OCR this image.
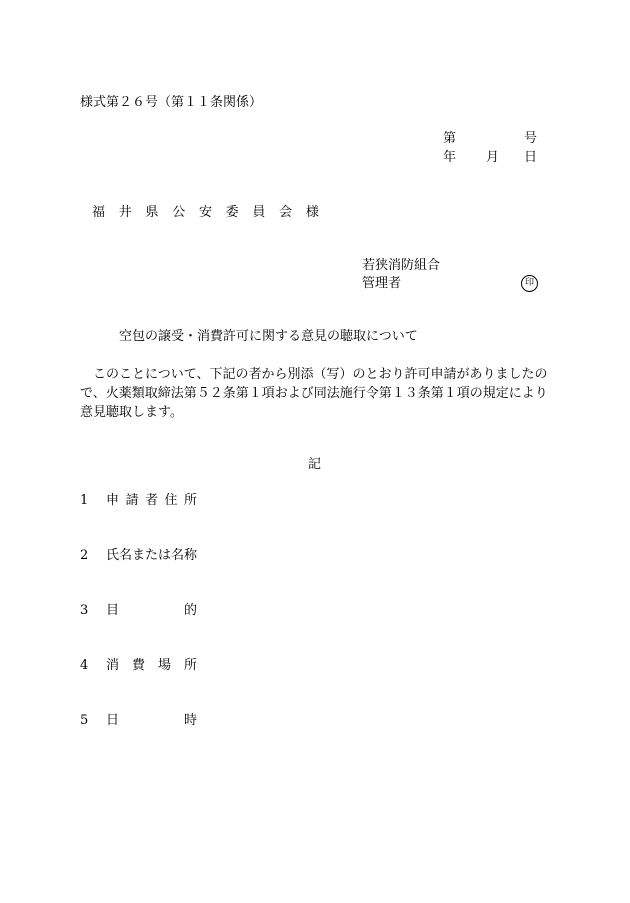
様式第２６号（第１１条関係）
第	号
年 月 日
福 井 県 公 安 委 員 会 様
若狭消防組合
管理者	印
空包の譲受・消費許可に関する意見の聴取について
このことについて、下記の者から別添（写）のとおり許可申請がありましたので、火薬類取締法第５２条第１項および同法施行令第１３条第１項の規定により意見聴取します。
記
1 申 請 者 住 所
2 氏名または名称
3 目	的
4 消 費 場 所
5 日	時
